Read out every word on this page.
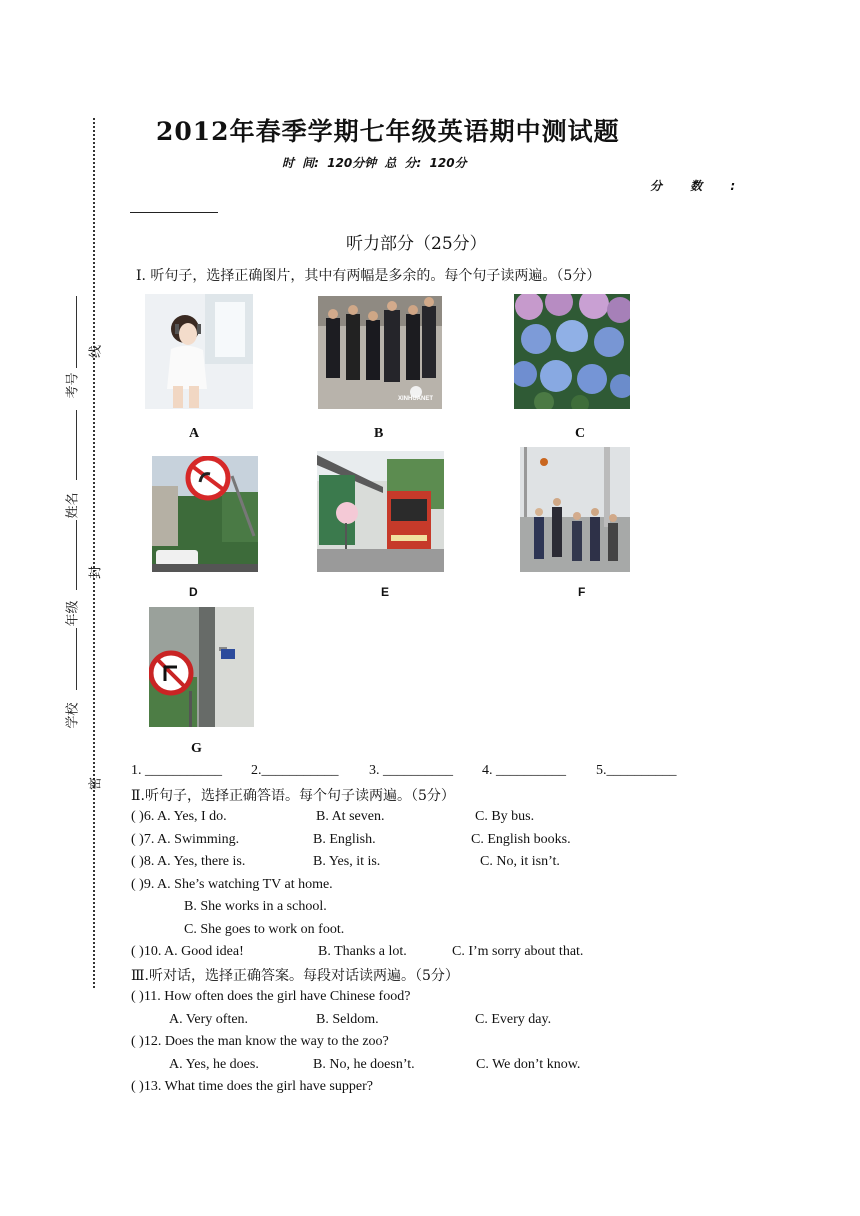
考号
线
姓名
封
年级
学校
密
2012年春季学期七年级英语期中测试题
时 间: 120分钟 总 分: 120分
分 数 :
听力部分（25分）
Ⅰ. 听句子，选择正确图片，其中有两幅是多余的。每个句子读两遍。（5分）
XINHUANET
A	B	C
D	E	F
G
1. ___________ 2.___________ 3. __________ 4. __________ 5.__________
Ⅱ.听句子，选择正确答语。每个句子读两遍。（5分）
( )6. A. Yes, I do.	B. At seven.	C. By bus.
( )7. A. Swimming.	B. English.	C. English books.
( )8. A. Yes, there is.	B. Yes, it is.	C. No, it isn’t.
( )9. A. She’s watching TV at home.
B. She works in a school.
C. She goes to work on foot.
( )10. A. Good idea!	B. Thanks a lot.	C. I’m sorry about that.
Ⅲ.听对话，选择正确答案。每段对话读两遍。（5分）
( )11. How often does the girl have Chinese food?
A. Very often.	B. Seldom.	C. Every day.
( )12. Does the man know the way to the zoo?
A. Yes, he does.	B. No, he doesn’t.	C. We don’t know.
( )13. What time does the girl have supper?
